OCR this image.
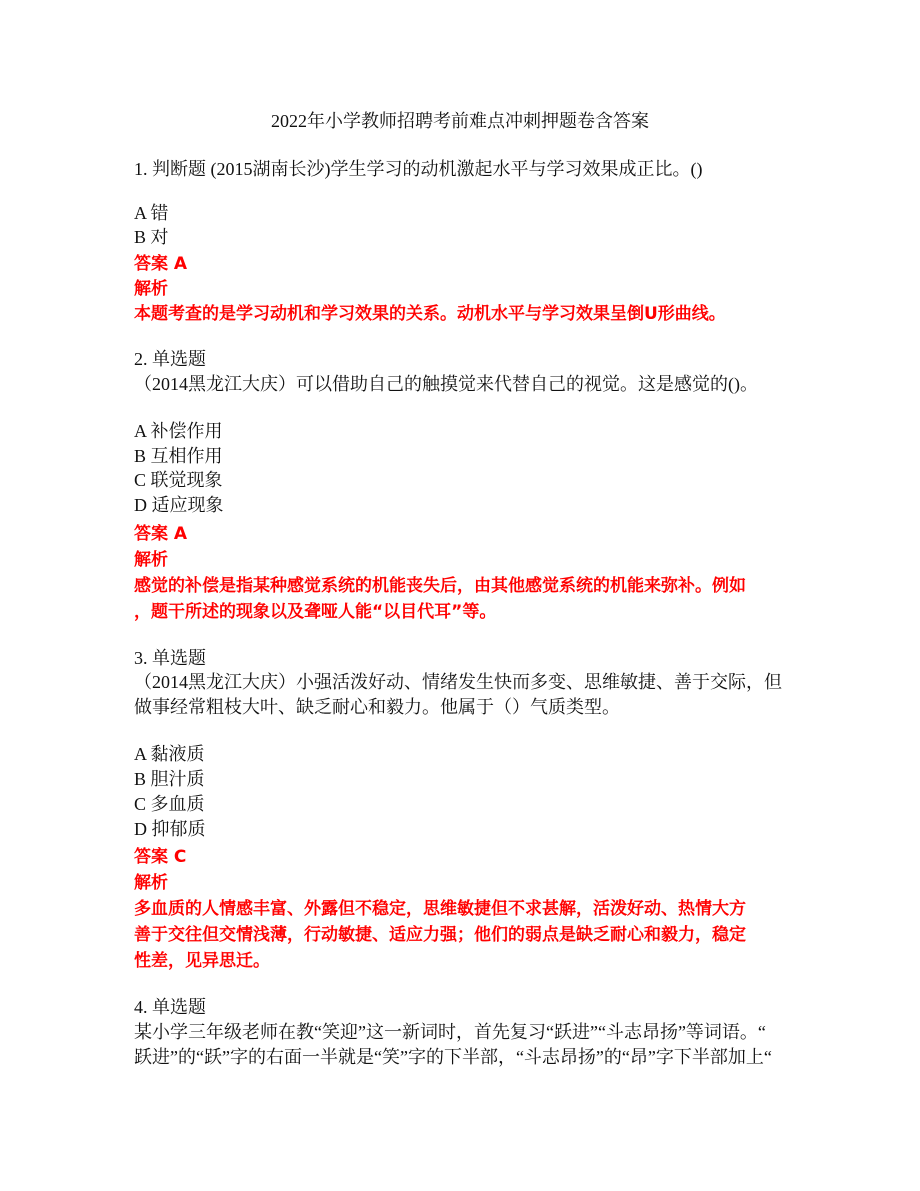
2022年小学教师招聘考前难点冲刺押题卷含答案
1. 判断题 (2015湖南长沙)学生学习的动机激起水平与学习效果成正比。()
A 错
B 对
答案 A
解析
本题考查的是学习动机和学习效果的关系。动机水平与学习效果呈倒U形曲线。
2. 单选题
（2014黑龙江大庆）可以借助自己的触摸觉来代替自己的视觉。这是感觉的()。
A 补偿作用
B 互相作用
C 联觉现象
D 适应现象
答案 A
解析
感觉的补偿是指某种感觉系统的机能丧失后，由其他感觉系统的机能来弥补。例如
，题干所述的现象以及聋哑人能“以目代耳”等。
3. 单选题
（2014黑龙江大庆）小强活泼好动、情绪发生快而多变、思维敏捷、善于交际，但
做事经常粗枝大叶、缺乏耐心和毅力。他属于（）气质类型。
A 黏液质
B 胆汁质
C 多血质
D 抑郁质
答案 C
解析
多血质的人情感丰富、外露但不稳定，思维敏捷但不求甚解，活泼好动、热情大方
善于交往但交情浅薄，行动敏捷、适应力强；他们的弱点是缺乏耐心和毅力，稳定
性差，见异思迁。
4. 单选题
某小学三年级老师在教“笑迎”这一新词时，首先复习“跃进”“斗志昂扬”等词语。“
跃进”的“跃”字的右面一半就是“笑”字的下半部，“斗志昂扬”的“昂”字下半部加上“
